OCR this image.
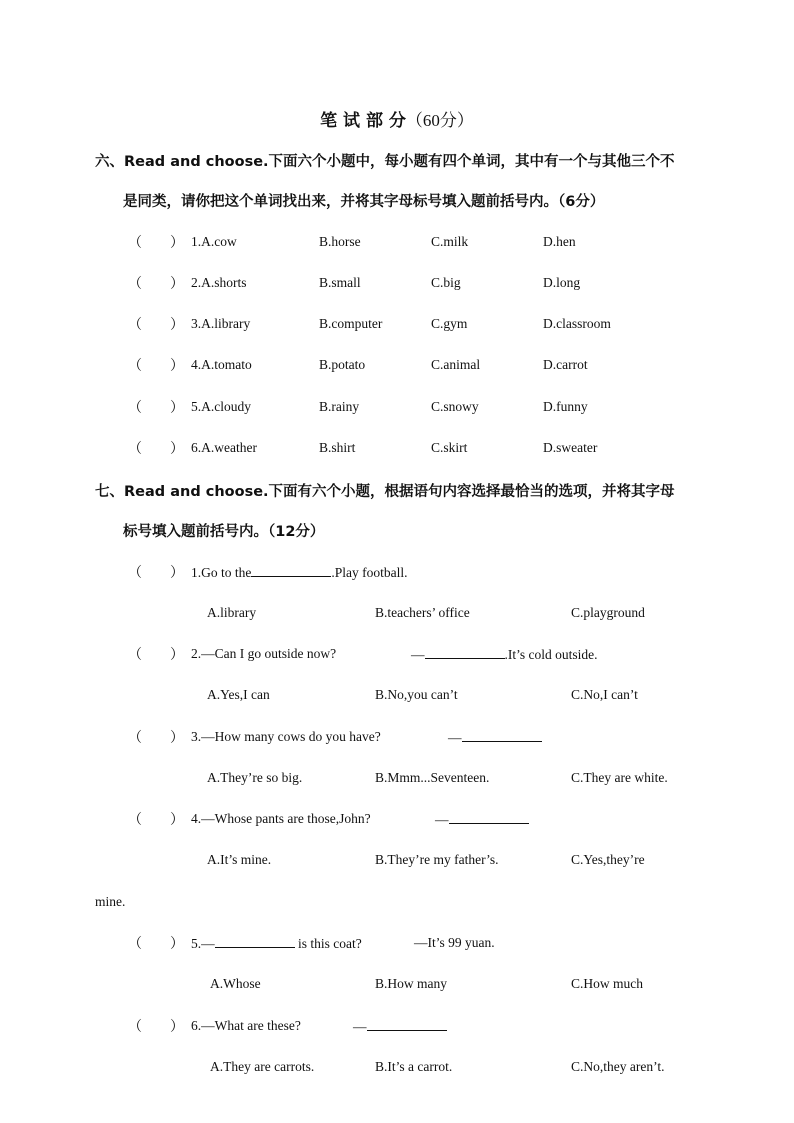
笔 试 部 分（60分）
六、Read and choose.下面六个小题中，每小题有四个单词，其中有一个与其他三个不
是同类，请你把这个单词找出来，并将其字母标号填入题前括号内。（6分）
（ ） 1.A.cow	B.horse	C.milk	D.hen
（ ） 2.A.shorts	B.small	C.big	D.long
（ ） 3.A.library	B.computer	C.gym	D.classroom
（ ） 4.A.tomato	B.potato	C.animal	D.carrot
（ ） 5.A.cloudy	B.rainy	C.snowy	D.funny
（ ） 6.A.weather	B.shirt	C.skirt	D.sweater
七、Read and choose.下面有六个小题，根据语句内容选择最恰当的选项，并将其字母
标号填入题前括号内。（12分）
（ ） 1.Go to the	.Play football.
A.library	B.teachers’ office	C.playground
（ ） 2.—Can I go outside now?	—	.It’s cold outside.
A.Yes,I can	B.No,you can’t	C.No,I can’t
（ ） 3.—How many cows do you have?	—
A.They’re so big.	B.Mmm...Seventeen.	C.They are white.
（ ） 4.—Whose pants are those,John?	—
A.It’s mine.	B.They’re my father’s.	C.Yes,they’re
mine.
（ ） 5.—	is this coat?	—It’s 99 yuan.
A.Whose	B.How many	C.How much
（ ） 6.—What are these?	—
A.They are carrots.	B.It’s a carrot.	C.No,they aren’t.
